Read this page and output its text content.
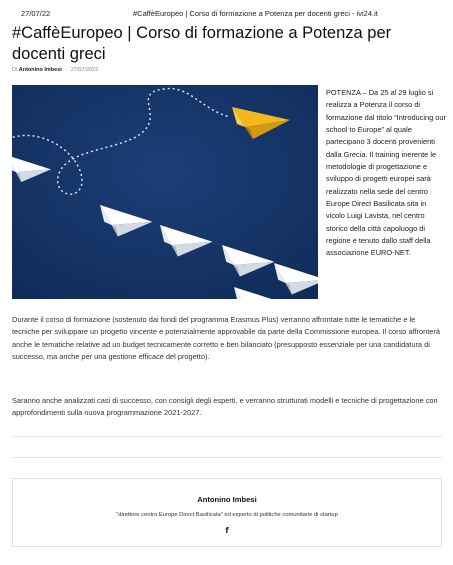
27/07/22	#CaffèEuropeo | Corso di formazione a Potenza per docenti greci - ivi24.it
#CaffèEuropeo | Corso di formazione a Potenza per docenti greci
Di Antonino Imbesi - 27/07/2022

POTENZA – Da 25 al 29 luglio si realizza a Potenza il corso di formazione dal titolo “Introducing our school to Europe” al quale partecipano 3 docenti provenienti dalla Grecia. Il training inerente le metodologie di progettazione e sviluppo di progetti europei sarà realizzato nella sede del centro Europe Direct Basilicata sita in vicolo Luigi Lavista, nel centro storico della città capoluogo di regione e tenuto dallo staff della associazione EURO-NET.

Durante il corso di formazione (sostenuto dai fondi del programma Erasmus Plus) verranno affrontate tutte le tematiche e le tecniche per sviluppare un progetto vincente e potenzialmente approvabile da parte della Commissione europea. Il corso affronterà anche le tematiche relative ad un budget tecnicamente corretto e ben bilanciato (presupposto essenziale per una candidatura di successo, ma anche per una gestione efficace del progetto).

Saranno anche analizzati casi di successo, con consigli degli esperti, e verranno strutturati modelli e tecniche di progettazione con approfondimenti sulla nuova programmazione 2021-2027.

Antonino Imbesi
"direttore centro Europe Direct Basilicata" ed esperto di politiche comunitarie di startup
f
